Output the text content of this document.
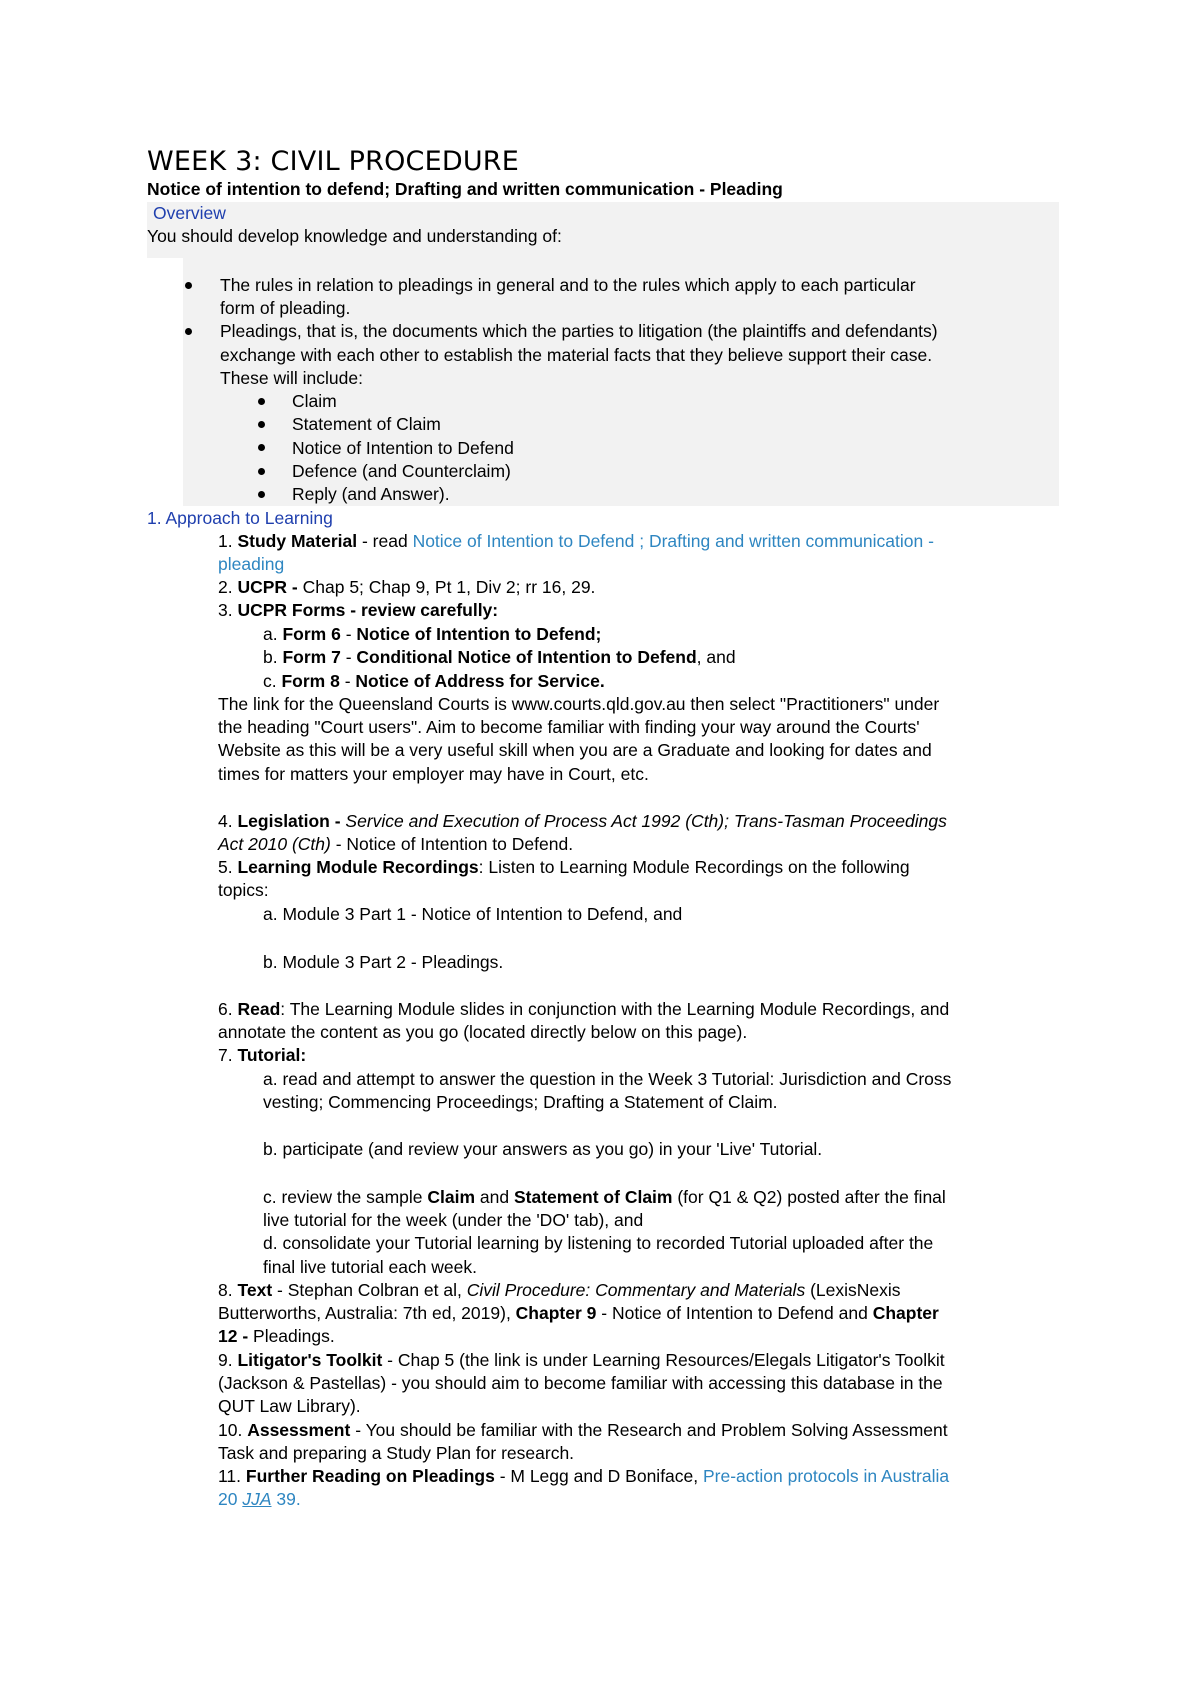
WEEK 3: CIVIL PROCEDURE
Notice of intention to defend; Drafting and written communication - Pleading
Overview
You should develop knowledge and understanding of:
The rules in relation to pleadings in general and to the rules which apply to each particular
form of pleading.
Pleadings, that is, the documents which the parties to litigation (the plaintiffs and defendants)
exchange with each other to establish the material facts that they believe support their case.
These will include:
Claim
Statement of Claim
Notice of Intention to Defend
Defence (and Counterclaim)
Reply (and Answer).
1. Approach to Learning
1. Study Material - read Notice of Intention to Defend ; Drafting and written communication -
pleading
2. UCPR - Chap 5; Chap 9, Pt 1, Div 2; rr 16, 29.
3. UCPR Forms - review carefully:
a. Form 6 - Notice of Intention to Defend;
b. Form 7 - Conditional Notice of Intention to Defend, and
c. Form 8 - Notice of Address for Service.
The link for the Queensland Courts is www.courts.qld.gov.au then select "Practitioners" under
the heading "Court users". Aim to become familiar with finding your way around the Courts'
Website as this will be a very useful skill when you are a Graduate and looking for dates and
times for matters your employer may have in Court, etc.
4. Legislation - Service and Execution of Process Act 1992 (Cth); Trans-Tasman Proceedings
Act 2010 (Cth) - Notice of Intention to Defend.
5. Learning Module Recordings: Listen to Learning Module Recordings on the following
topics:
a. Module 3 Part 1 - Notice of Intention to Defend, and
b. Module 3 Part 2 - Pleadings.
6. Read: The Learning Module slides in conjunction with the Learning Module Recordings, and
annotate the content as you go (located directly below on this page).
7. Tutorial:
a. read and attempt to answer the question in the Week 3 Tutorial: Jurisdiction and Cross
vesting; Commencing Proceedings; Drafting a Statement of Claim.
b. participate (and review your answers as you go) in your 'Live' Tutorial.
c. review the sample Claim and Statement of Claim (for Q1 & Q2) posted after the final
live tutorial for the week (under the 'DO' tab), and
d. consolidate your Tutorial learning by listening to recorded Tutorial uploaded after the
final live tutorial each week.
8. Text - Stephan Colbran et al, Civil Procedure: Commentary and Materials (LexisNexis
Butterworths, Australia: 7th ed, 2019), Chapter 9 - Notice of Intention to Defend and Chapter
12 - Pleadings.
9. Litigator's Toolkit - Chap 5 (the link is under Learning Resources/Elegals Litigator's Toolkit
(Jackson & Pastellas) - you should aim to become familiar with accessing this database in the
QUT Law Library).
10. Assessment - You should be familiar with the Research and Problem Solving Assessment
Task and preparing a Study Plan for research.
11. Further Reading on Pleadings - M Legg and D Boniface, Pre-action protocols in Australia
20 JJA 39.
